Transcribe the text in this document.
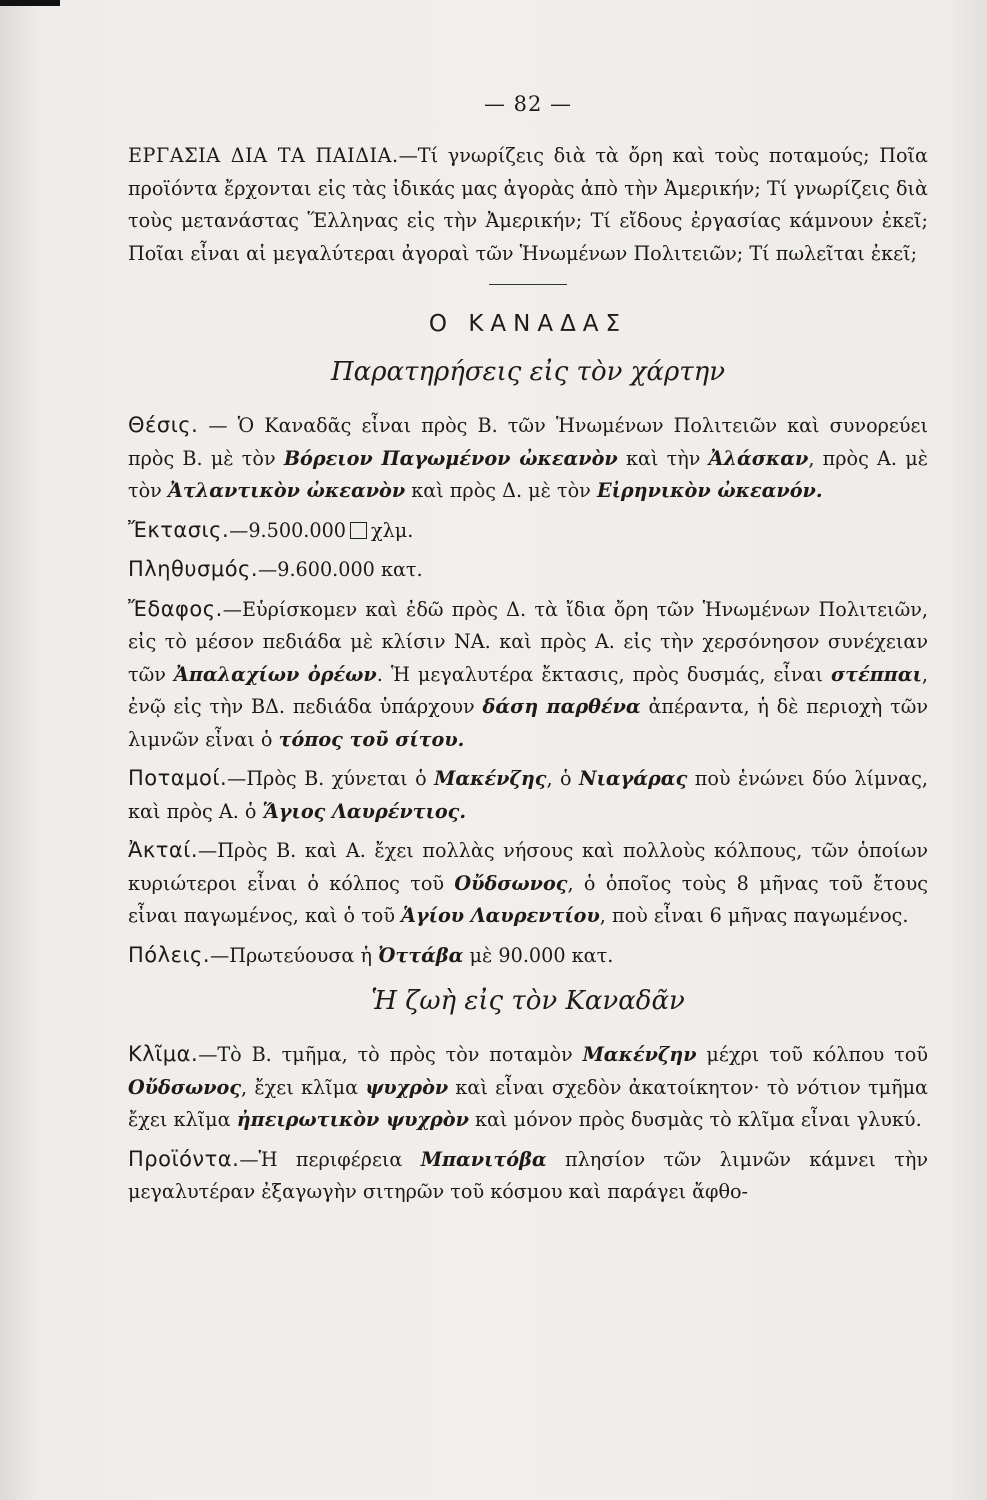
— 82 —

ΕΡΓΑΣΙΑ ΔΙΑ ΤΑ ΠΑΙΔΙΑ.—Τί γνωρίζεις διὰ τὰ ὄρη καὶ τοὺς ποταμούς; Ποῖα προϊόντα ἔρχονται εἰς τὰς ἰδικάς μας ἀγορὰς ἀπὸ τὴν Ἀμερικήν; Τί γνωρίζεις διὰ τοὺς μετανάστας Ἕλληνας εἰς τὴν Ἀμερικήν; Τί εἴδους ἐργασίας κάμνουν ἐκεῖ; Ποῖαι εἶναι αἱ μεγαλύτεραι ἀγοραὶ τῶν Ἡνωμένων Πολιτειῶν; Τί πωλεῖται ἐκεῖ;

Ο ΚΑΝΑΔΑΣ
Παρατηρήσεις εἰς τὸν χάρτην

Θέσις. — Ὁ Καναδᾶς εἶναι πρὸς Β. τῶν Ἡνωμένων Πολιτειῶν καὶ συνορεύει πρὸς Β. μὲ τὸν Βόρειον Παγωμένον ὠκεανὸν καὶ τὴν Ἀλάσκαν, πρὸς Α. μὲ τὸν Ἀτλαντικὸν ὠκεανὸν καὶ πρὸς Δ. μὲ τὸν Εἰρηνικὸν ὠκεανόν.

Ἔκτασις.—9.500.000 χλμ.

Πληθυσμός.—9.600.000 κατ.

Ἔδαφος.—Εὑρίσκομεν καὶ ἐδῶ πρὸς Δ. τὰ ἴδια ὄρη τῶν Ἡνωμένων Πολιτειῶν, εἰς τὸ μέσον πεδιάδα μὲ κλίσιν ΝΑ. καὶ πρὸς Α. εἰς τὴν χερσόνησον συνέχειαν τῶν Ἀπαλαχίων ὀρέων. Ἡ μεγαλυτέρα ἔκτασις, πρὸς δυσμάς, εἶναι στέππαι, ἐνῷ εἰς τὴν ΒΔ. πεδιάδα ὑπάρχουν δάση παρθένα ἀπέραντα, ἡ δὲ περιοχὴ τῶν λιμνῶν εἶναι ὁ τόπος τοῦ σίτου.

Ποταμοί.—Πρὸς Β. χύνεται ὁ Μακένζης, ὁ Νιαγάρας ποὺ ἑνώνει δύο λίμνας, καὶ πρὸς Α. ὁ Ἅγιος Λαυρέντιος.

Ἀκταί.—Πρὸς Β. καὶ Α. ἔχει πολλὰς νήσους καὶ πολλοὺς κόλπους, τῶν ὁποίων κυριώτεροι εἶναι ὁ κόλπος τοῦ Οὔδσωνος, ὁ ὁποῖος τοὺς 8 μῆνας τοῦ ἔτους εἶναι παγωμένος, καὶ ὁ τοῦ Ἁγίου Λαυρεντίου, ποὺ εἶναι 6 μῆνας παγωμένος.

Πόλεις.—Πρωτεύουσα ἡ Ὀττάβα μὲ 90.000 κατ.

Ἡ ζωὴ εἰς τὸν Καναδᾶν

Κλῖμα.—Τὸ Β. τμῆμα, τὸ πρὸς τὸν ποταμὸν Μακένζην μέχρι τοῦ κόλπου τοῦ Οὔδσωνος, ἔχει κλῖμα ψυχρὸν καὶ εἶναι σχεδὸν ἀκατοίκητον· τὸ νότιον τμῆμα ἔχει κλῖμα ἠπειρωτικὸν ψυχρὸν καὶ μόνον πρὸς δυσμὰς τὸ κλῖμα εἶναι γλυκύ.

Προϊόντα.—Ἡ περιφέρεια Μπανιτόβα πλησίον τῶν λιμνῶν κάμνει τὴν μεγαλυτέραν ἐξαγωγὴν σιτηρῶν τοῦ κόσμου καὶ παράγει ἄφθο-
